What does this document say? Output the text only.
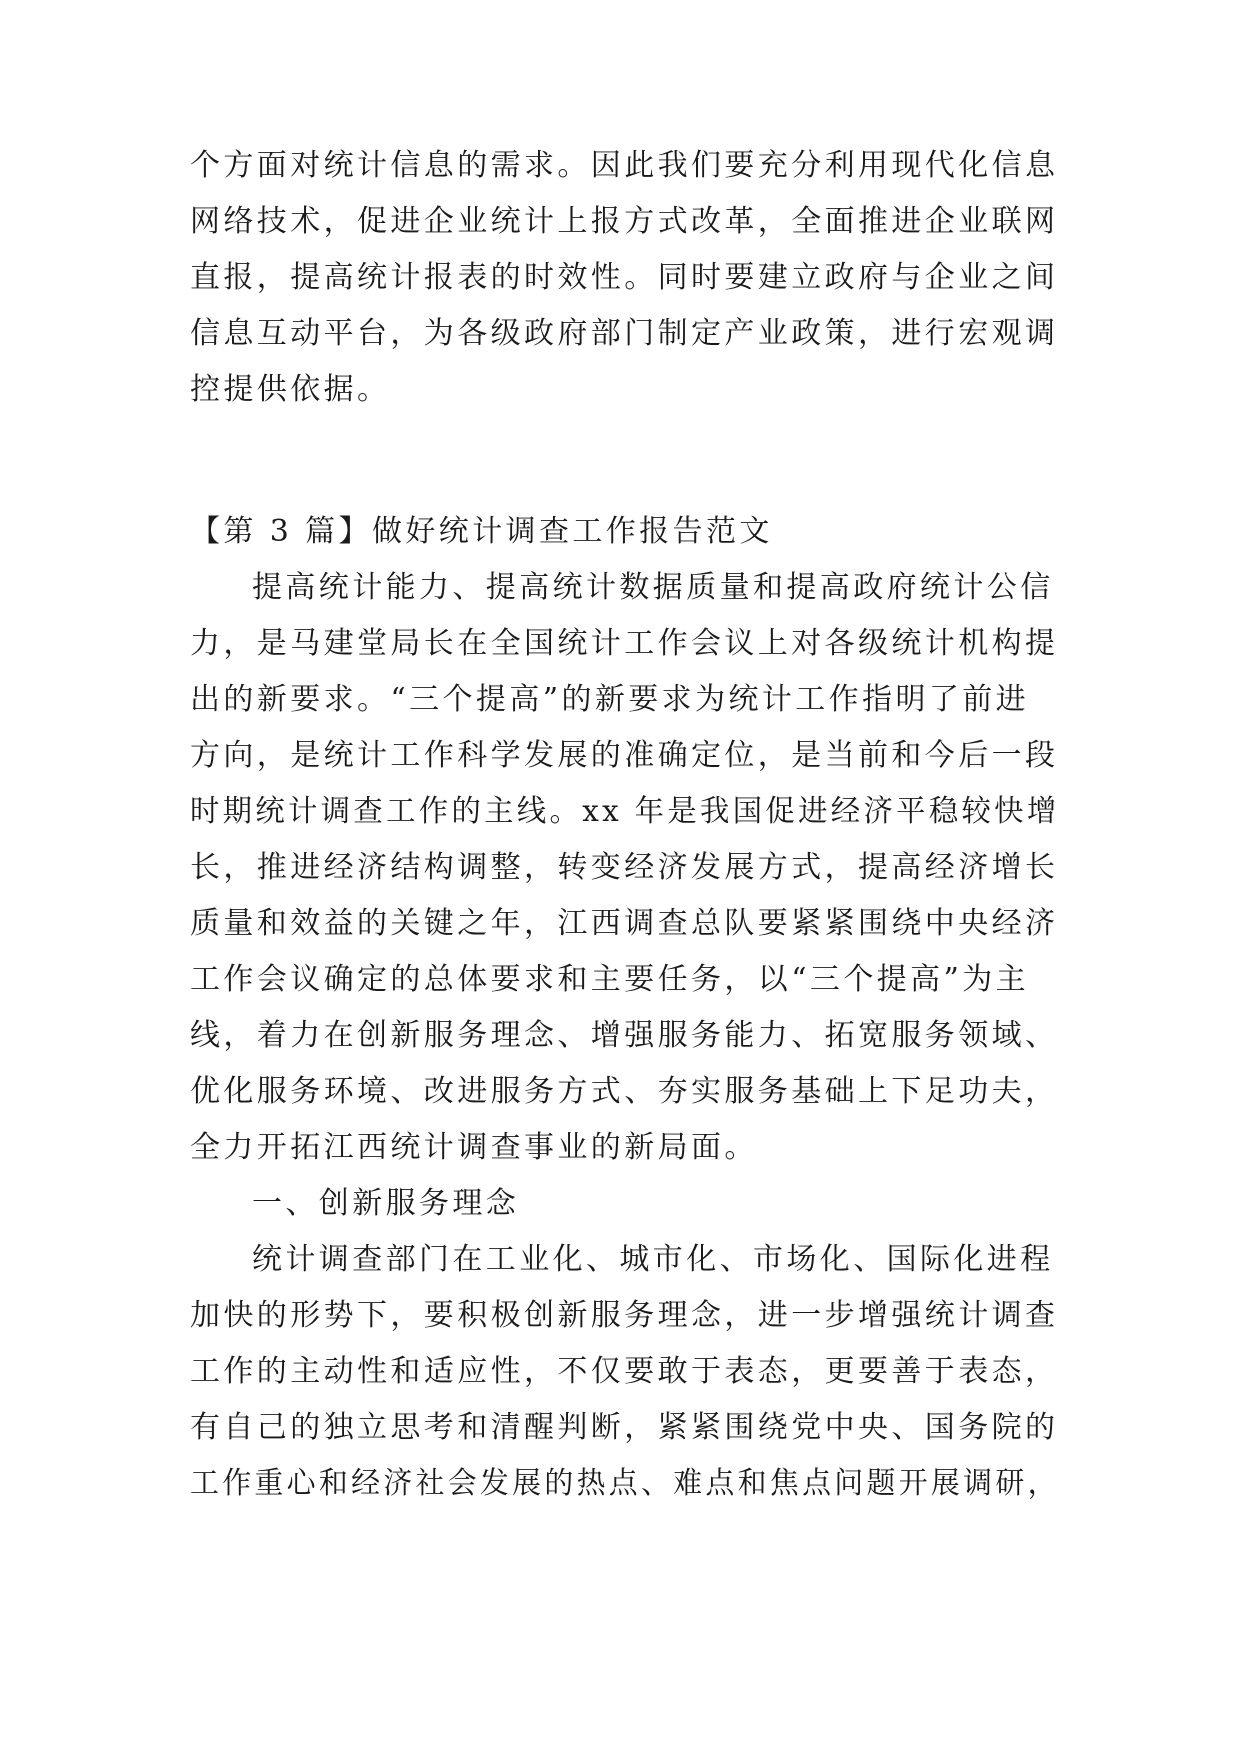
个方面对统计信息的需求。因此我们要充分利用现代化信息
网络技术，促进企业统计上报方式改革，全面推进企业联网
直报，提高统计报表的时效性。同时要建立政府与企业之间
信息互动平台，为各级政府部门制定产业政策，进行宏观调
控提供依据。
【第 3 篇】做好统计调查工作报告范文
提高统计能力、提高统计数据质量和提高政府统计公信
力，是马建堂局长在全国统计工作会议上对各级统计机构提
出的新要求。“三个提高”的新要求为统计工作指明了前进
方向，是统计工作科学发展的准确定位，是当前和今后一段
时期统计调查工作的主线。xx 年是我国促进经济平稳较快增
长，推进经济结构调整，转变经济发展方式，提高经济增长
质量和效益的关键之年，江西调查总队要紧紧围绕中央经济
工作会议确定的总体要求和主要任务，以“三个提高”为主
线，着力在创新服务理念、增强服务能力、拓宽服务领域、
优化服务环境、改进服务方式、夯实服务基础上下足功夫，
全力开拓江西统计调查事业的新局面。
一、创新服务理念
统计调查部门在工业化、城市化、市场化、国际化进程
加快的形势下，要积极创新服务理念，进一步增强统计调查
工作的主动性和适应性，不仅要敢于表态，更要善于表态，
有自己的独立思考和清醒判断，紧紧围绕党中央、国务院的
工作重心和经济社会发展的热点、难点和焦点问题开展调研，
